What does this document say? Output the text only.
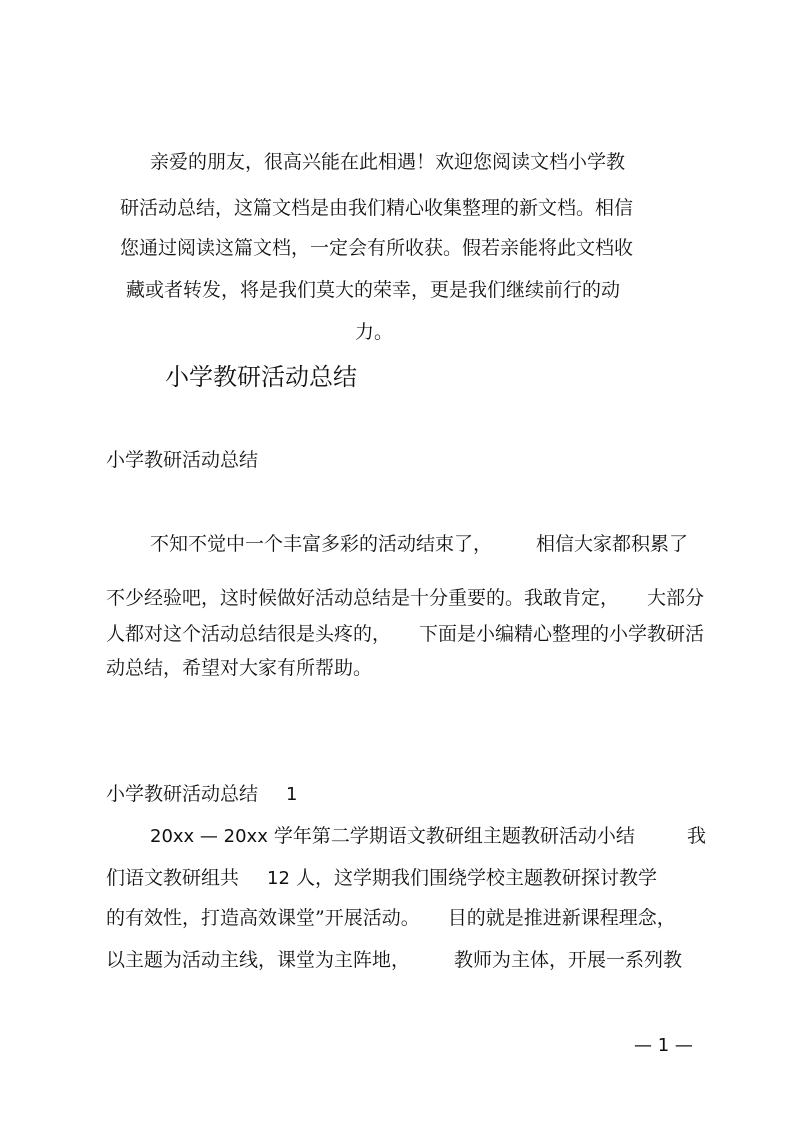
亲爱的朋友，很高兴能在此相遇！欢迎您阅读文档小学教
研活动总结，这篇文档是由我们精心收集整理的新文档。相信
您通过阅读这篇文档，一定会有所收获。假若亲能将此文档收
藏或者转发，将是我们莫大的荣幸，更是我们继续前行的动
力。
小学教研活动总结
小学教研活动总结
不知不觉中一个丰富多彩的活动结束了， 相信大家都积累了
不少经验吧，这时候做好活动总结是十分重要的。我敢肯定， 大部分
人都对这个活动总结很是头疼的， 下面是小编精心整理的小学教研活
动总结，希望对大家有所帮助。
小学教研活动总结 1
20xx — 20xx 学年第二学期语文教研组主题教研活动小结	我
们语文教研组共 12 人，这学期我们围绕学校主题教研探讨教学
的有效性，打造高效课堂”开展活动。 目的就是推进新课程理念，
以主题为活动主线，课堂为主阵地， 教师为主体，开展一系列教
— 1 —
